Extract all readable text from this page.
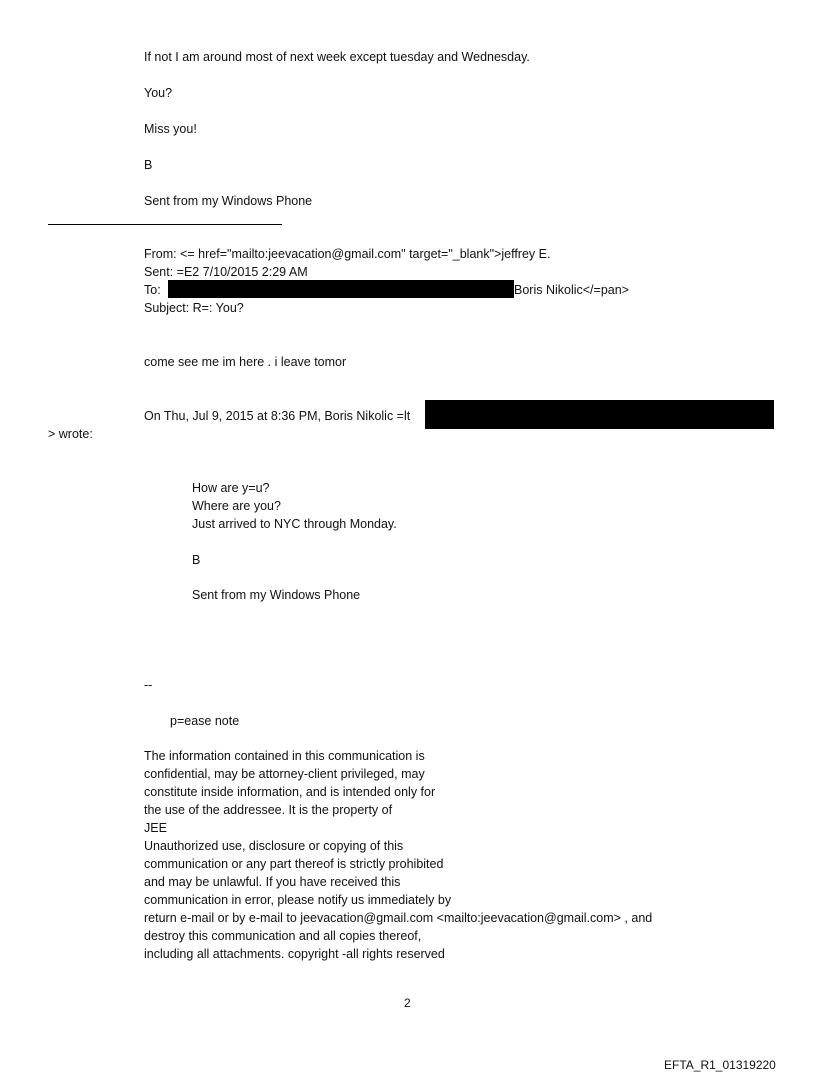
If not I am around most of next week except tuesday and Wednesday.
You?
Miss you!
B
Sent from my Windows Phone
From: <= href="mailto:jeevacation@gmail.com" target="_blank">jeffrey E.
Sent: =E2 7/10/2015 2:29 AM
To:	Boris Nikolic</=pan>
Subject: R=: You?
come see me im here . i leave tomor
On Thu, Jul 9, 2015 at 8:36 PM, Boris Nikolic =lt
> wrote:
How are y=u?
Where are you?
Just arrived to NYC through Monday.
B
Sent from my Windows Phone
--
p=ease note
The information contained in this communication is
confidential, may be attorney-client privileged, may
constitute inside information, and is intended only for
the use of the addressee. It is the property of
JEE
Unauthorized use, disclosure or copying of this
communication or any part thereof is strictly prohibited
and may be unlawful. If you have received this
communication in error, please notify us immediately by
return e-mail or by e-mail to jeevacation@gmail.com <mailto:jeevacation@gmail.com> , and
destroy this communication and all copies thereof,
including all attachments. copyright -all rights reserved
2
EFTA_R1_01319220
